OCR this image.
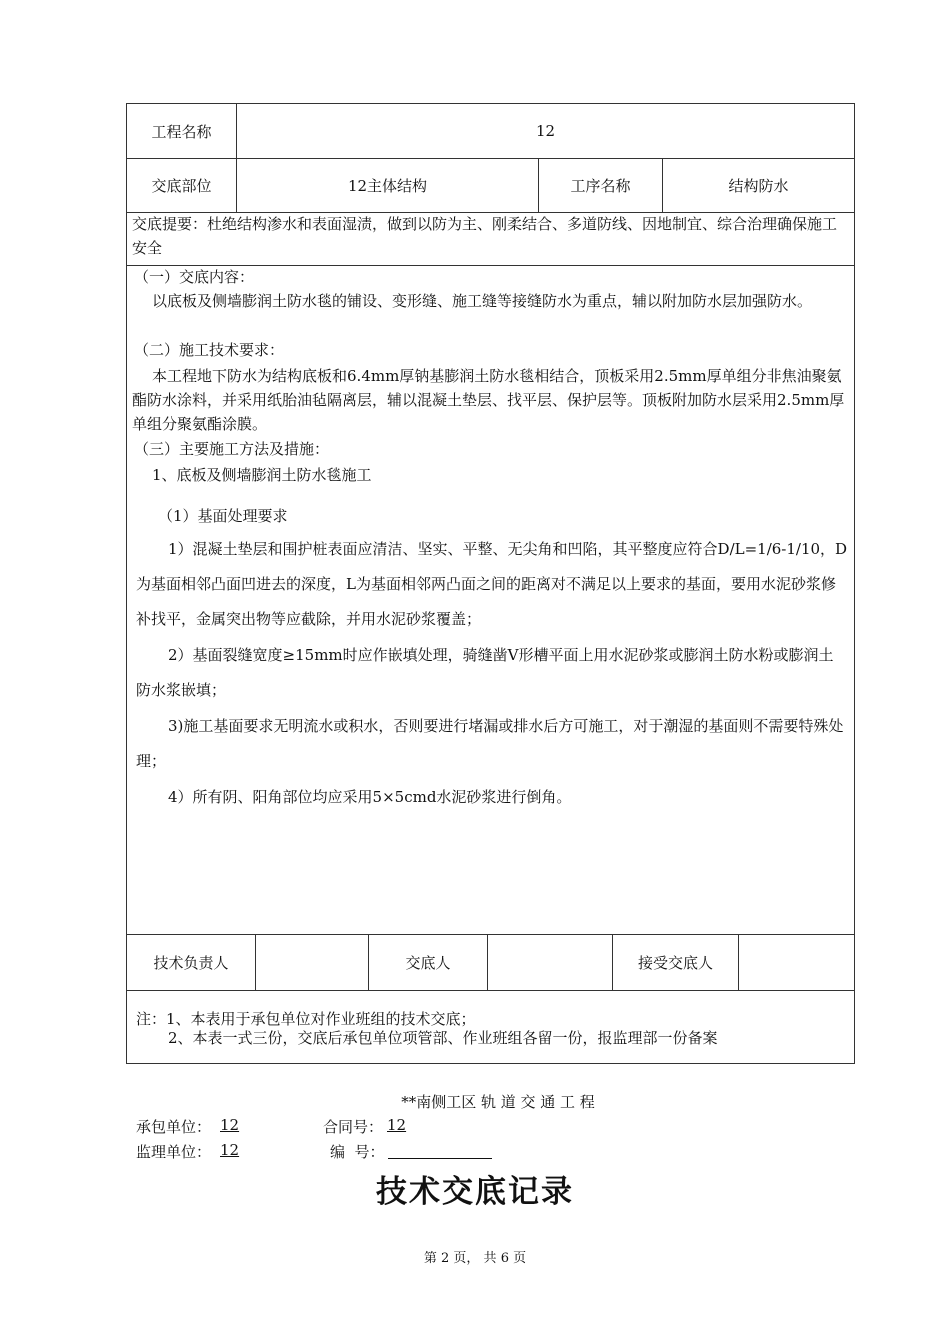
工程名称	12
交底部位	12主体结构	工序名称	结构防水
交底提要：杜绝结构渗水和表面湿渍，做到以防为主、刚柔结合、多道防线、因地制宜、综合治理确保施工安全
（一）交底内容：
以底板及侧墙膨润土防水毯的铺设、变形缝、施工缝等接缝防水为重点，辅以附加防水层加强防水。
（二）施工技术要求：
本工程地下防水为结构底板和6.4mm厚钠基膨润土防水毯相结合，顶板采用2.5mm厚单组分非焦油聚氨酯防水涂料，并采用纸胎油毡隔离层，辅以混凝土垫层、找平层、保护层等。顶板附加防水层采用2.5mm厚单组分聚氨酯涂膜。
（三）主要施工方法及措施：
1、底板及侧墙膨润土防水毯施工
（1）基面处理要求
1）混凝土垫层和围护桩表面应清洁、坚实、平整、无尖角和凹陷，其平整度应符合D/L=1/6-1/10，D为基面相邻凸面凹进去的深度，L为基面相邻两凸面之间的距离对不满足以上要求的基面，要用水泥砂浆修补找平，金属突出物等应截除，并用水泥砂浆覆盖；
2）基面裂缝宽度≥15mm时应作嵌填处理，骑缝凿V形槽平面上用水泥砂浆或膨润土防水粉或膨润土防水浆嵌填；
3)施工基面要求无明流水或积水，否则要进行堵漏或排水后方可施工，对于潮湿的基面则不需要特殊处理；
4）所有阴、阳角部位均应采用5×5cmd水泥砂浆进行倒角。
技术负责人	交底人	接受交底人
注：1、本表用于承包单位对作业班组的技术交底；
2、本表一式三份，交底后承包单位项管部、作业班组各留一份，报监理部一份备案
**南侧工区 轨 道 交 通 工 程
承包单位： 12	合同号： 12
监理单位： 12	编  号：
技术交底记录
第 2 页， 共 6 页
